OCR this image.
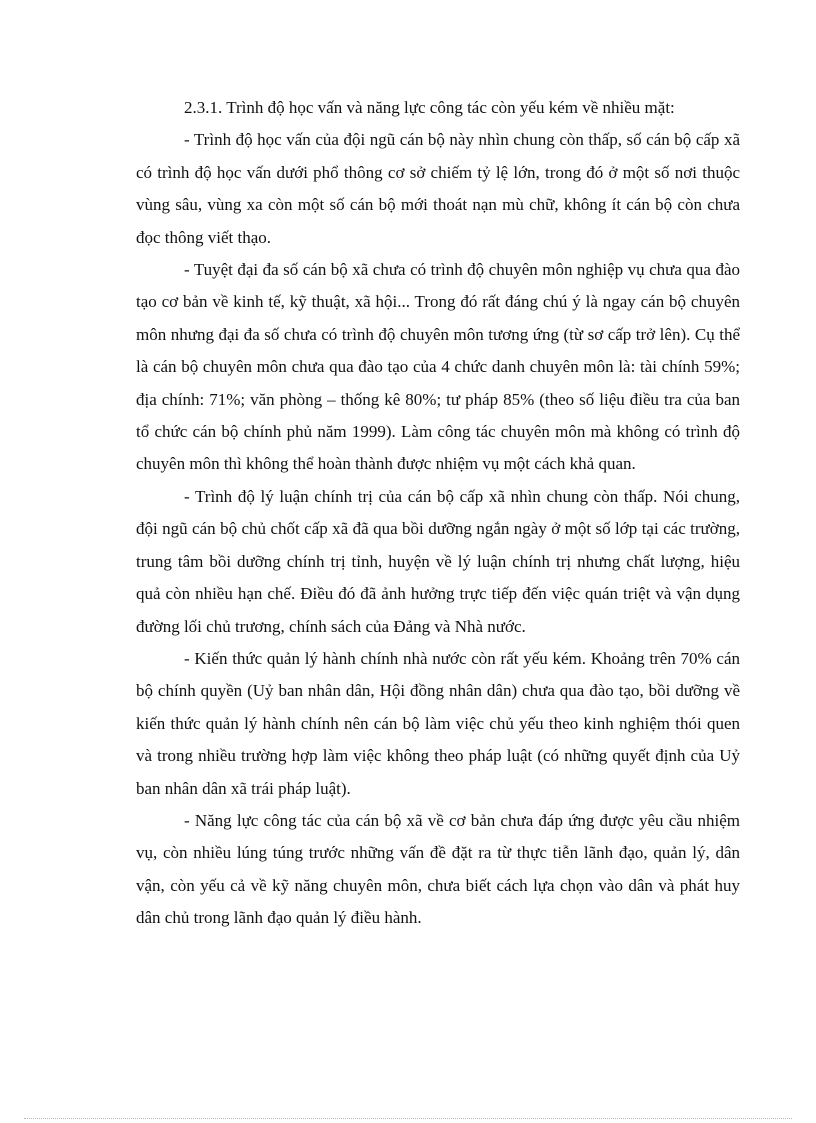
2.3.1. Trình độ học vấn và năng lực công tác còn yếu kém về nhiều mặt:

- Trình độ học vấn của đội ngũ cán bộ này nhìn chung còn thấp, số cán bộ cấp xã có trình độ học vấn dưới phổ thông cơ sở chiếm tỷ lệ lớn, trong đó ở một số nơi thuộc vùng sâu, vùng xa còn một số cán bộ mới thoát nạn mù chữ, không ít cán bộ còn chưa đọc thông viết thạo.

- Tuyệt đại đa số cán bộ xã chưa có trình độ chuyên môn nghiệp vụ chưa qua đào tạo cơ bản về kinh tế, kỹ thuật, xã hội... Trong đó rất đáng chú ý là ngay cán bộ chuyên môn nhưng đại đa số chưa có trình độ chuyên môn tương ứng (từ sơ cấp trở lên). Cụ thể là cán bộ chuyên môn chưa qua đào tạo của 4 chức danh chuyên môn là: tài chính 59%; địa chính: 71%; văn phòng – thống kê 80%; tư pháp 85% (theo số liệu điều tra của ban tổ chức cán bộ chính phủ năm 1999). Làm công tác chuyên môn mà không có trình độ chuyên môn thì không thể hoàn thành được nhiệm vụ một cách khả quan.

- Trình độ lý luận chính trị của cán bộ cấp xã nhìn chung còn thấp. Nói chung, đội ngũ cán bộ chủ chốt cấp xã đã qua bồi dưỡng ngắn ngày ở một số lớp tại các trường, trung tâm bồi dưỡng chính trị tỉnh, huyện về lý luận chính trị nhưng chất lượng, hiệu quả còn nhiều hạn chế. Điều đó đã ảnh hưởng trực tiếp đến việc quán triệt và vận dụng đường lối chủ trương, chính sách của Đảng và Nhà nước.

- Kiến thức quản lý hành chính nhà nước còn rất yếu kém. Khoảng trên 70% cán bộ chính quyền (Uỷ ban nhân dân, Hội đồng nhân dân) chưa qua đào tạo, bồi dưỡng về kiến thức quản lý hành chính nên cán bộ làm việc chủ yếu theo kinh nghiệm thói quen và trong nhiều trường hợp làm việc không theo pháp luật (có những quyết định của Uỷ ban nhân dân xã trái pháp luật).

- Năng lực công tác của cán bộ xã về cơ bản chưa đáp ứng được yêu cầu nhiệm vụ, còn nhiều lúng túng trước những vấn đề đặt ra từ thực tiễn lãnh đạo, quản lý, dân vận, còn yếu cả về kỹ năng chuyên môn, chưa biết cách lựa chọn vào dân và phát huy dân chủ trong lãnh đạo quản lý điều hành.
